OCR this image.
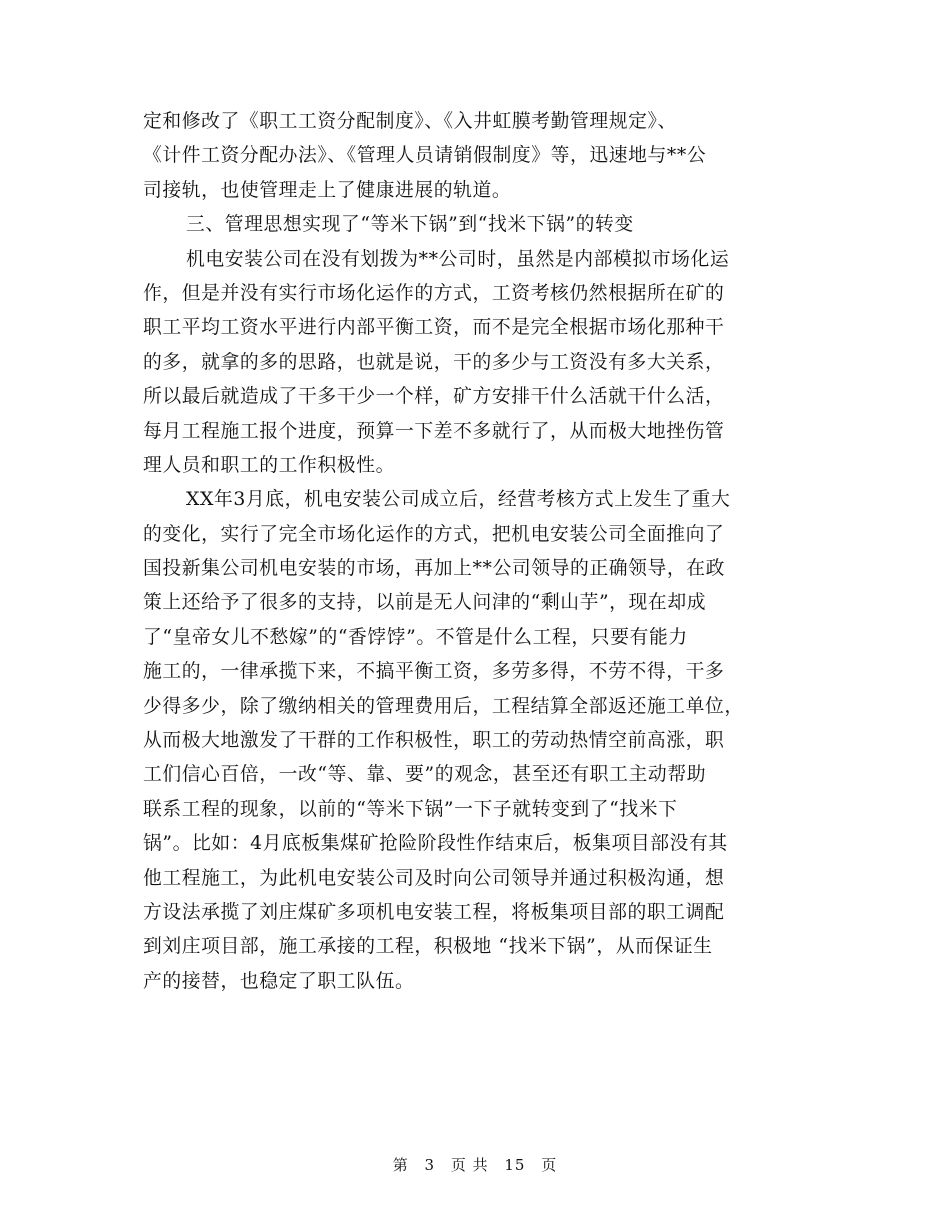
定和修改了《职工工资分配制度》、《入井虹膜考勤管理规定》、
《计件工资分配办法》、《管理人员请销假制度》等，迅速地与**公
司接轨，也使管理走上了健康进展的轨道。
三、管理思想实现了“等米下锅”到“找米下锅”的转变
机电安装公司在没有划拨为**公司时，虽然是内部模拟市场化运
作，但是并没有实行市场化运作的方式，工资考核仍然根据所在矿的
职工平均工资水平进行内部平衡工资，而不是完全根据市场化那种干
的多，就拿的多的思路，也就是说，干的多少与工资没有多大关系，
所以最后就造成了干多干少一个样，矿方安排干什么活就干什么活，
每月工程施工报个进度，预算一下差不多就行了，从而极大地挫伤管
理人员和职工的工作积极性。
XX年3月底，机电安装公司成立后，经营考核方式上发生了重大
的变化，实行了完全市场化运作的方式，把机电安装公司全面推向了
国投新集公司机电安装的市场，再加上**公司领导的正确领导，在政
策上还给予了很多的支持，以前是无人问津的“剩山芋”，现在却成
了“皇帝女儿不愁嫁”的“香饽饽”。不管是什么工程，只要有能力
施工的，一律承揽下来，不搞平衡工资，多劳多得，不劳不得，干多
少得多少，除了缴纳相关的管理费用后，工程结算全部返还施工单位，
从而极大地激发了干群的工作积极性，职工的劳动热情空前高涨，职
工们信心百倍，一改“等、靠、要”的观念，甚至还有职工主动帮助
联系工程的现象，以前的“等米下锅”一下子就转变到了“找米下
锅”。比如：4月底板集煤矿抢险阶段性作结束后，板集项目部没有其
他工程施工，为此机电安装公司及时向公司领导并通过积极沟通，想
方设法承揽了刘庄煤矿多项机电安装工程，将板集项目部的职工调配
到刘庄项目部，施工承接的工程，积极地 “找米下锅”，从而保证生
产的接替，也稳定了职工队伍。
第 3 页 共 15 页
